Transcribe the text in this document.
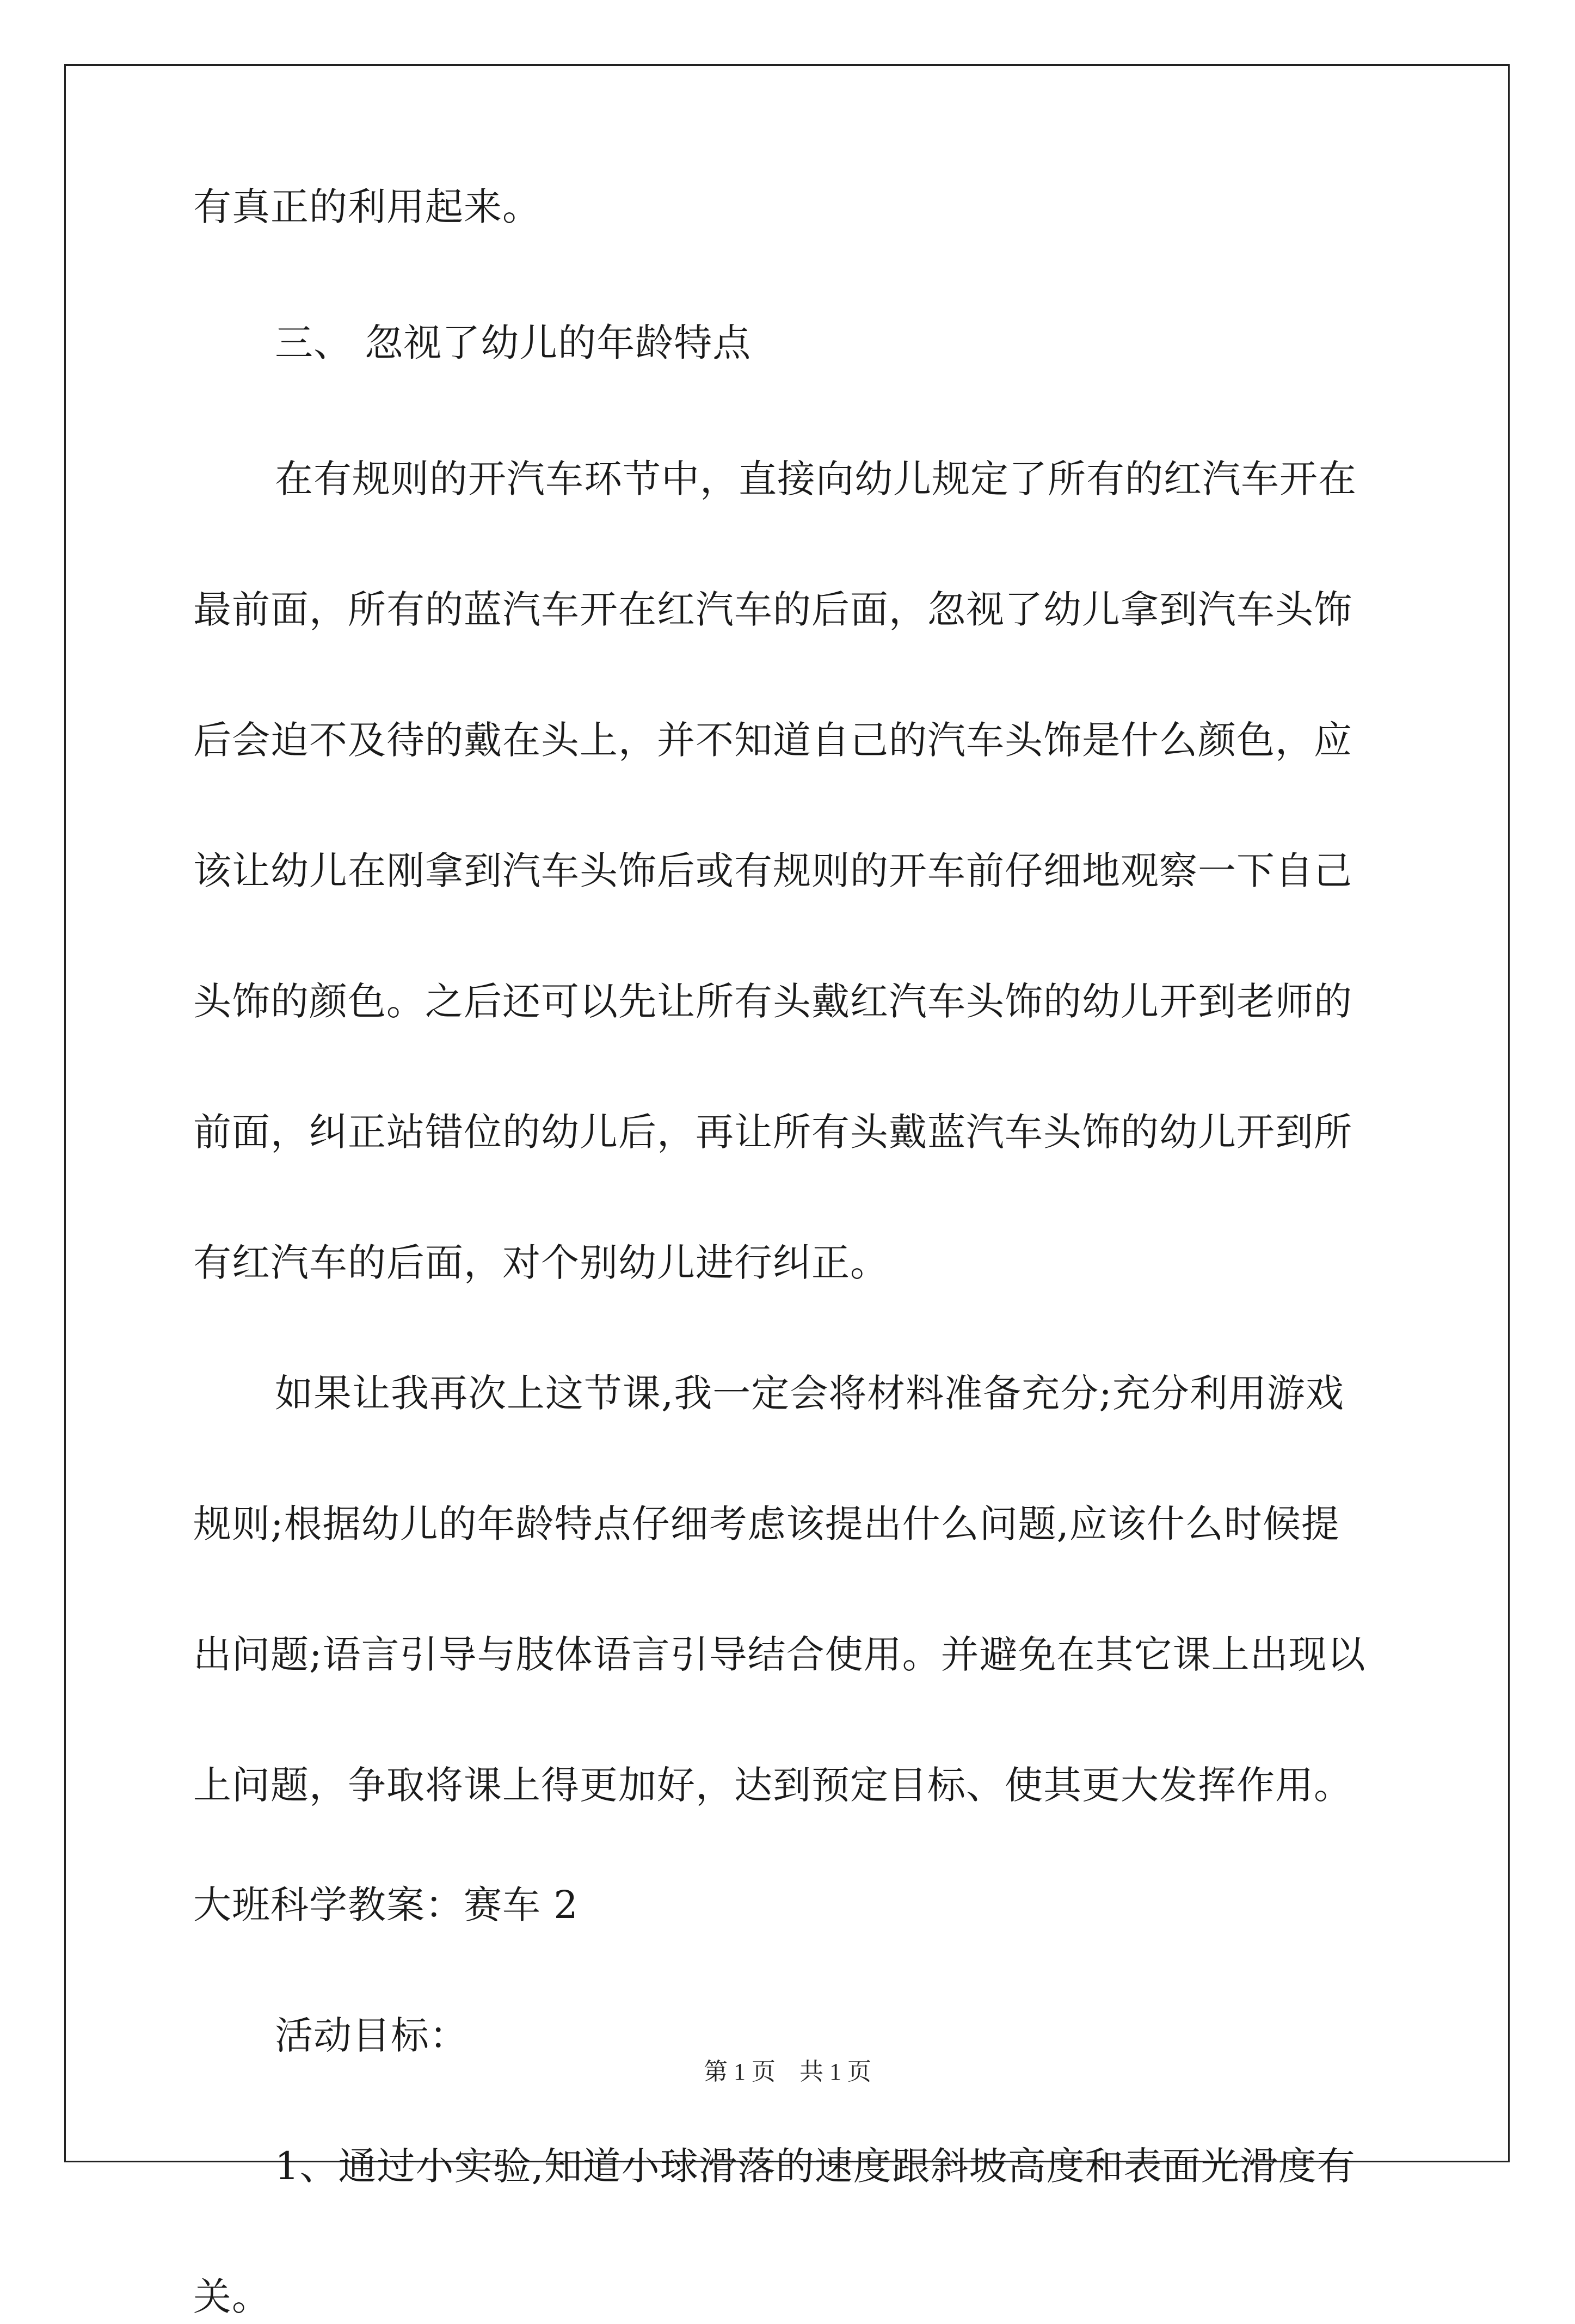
有真正的利用起来。
三、 忽视了幼儿的年龄特点
在有规则的开汽车环节中，直接向幼儿规定了所有的红汽车开在
最前面，所有的蓝汽车开在红汽车的后面，忽视了幼儿拿到汽车头饰
后会迫不及待的戴在头上，并不知道自己的汽车头饰是什么颜色，应
该让幼儿在刚拿到汽车头饰后或有规则的开车前仔细地观察一下自己
头饰的颜色。之后还可以先让所有头戴红汽车头饰的幼儿开到老师的
前面，纠正站错位的幼儿后，再让所有头戴蓝汽车头饰的幼儿开到所
有红汽车的后面，对个别幼儿进行纠正。
如果让我再次上这节课,我一定会将材料准备充分;充分利用游戏
规则;根据幼儿的年龄特点仔细考虑该提出什么问题,应该什么时候提
出问题;语言引导与肢体语言引导结合使用。并避免在其它课上出现以
上问题，争取将课上得更加好，达到预定目标、使其更大发挥作用。
大班科学教案：赛车 2
活动目标：
1、通过小实验,知道小球滑落的速度跟斜坡高度和表面光滑度有
关。
第 1 页　共 1 页
